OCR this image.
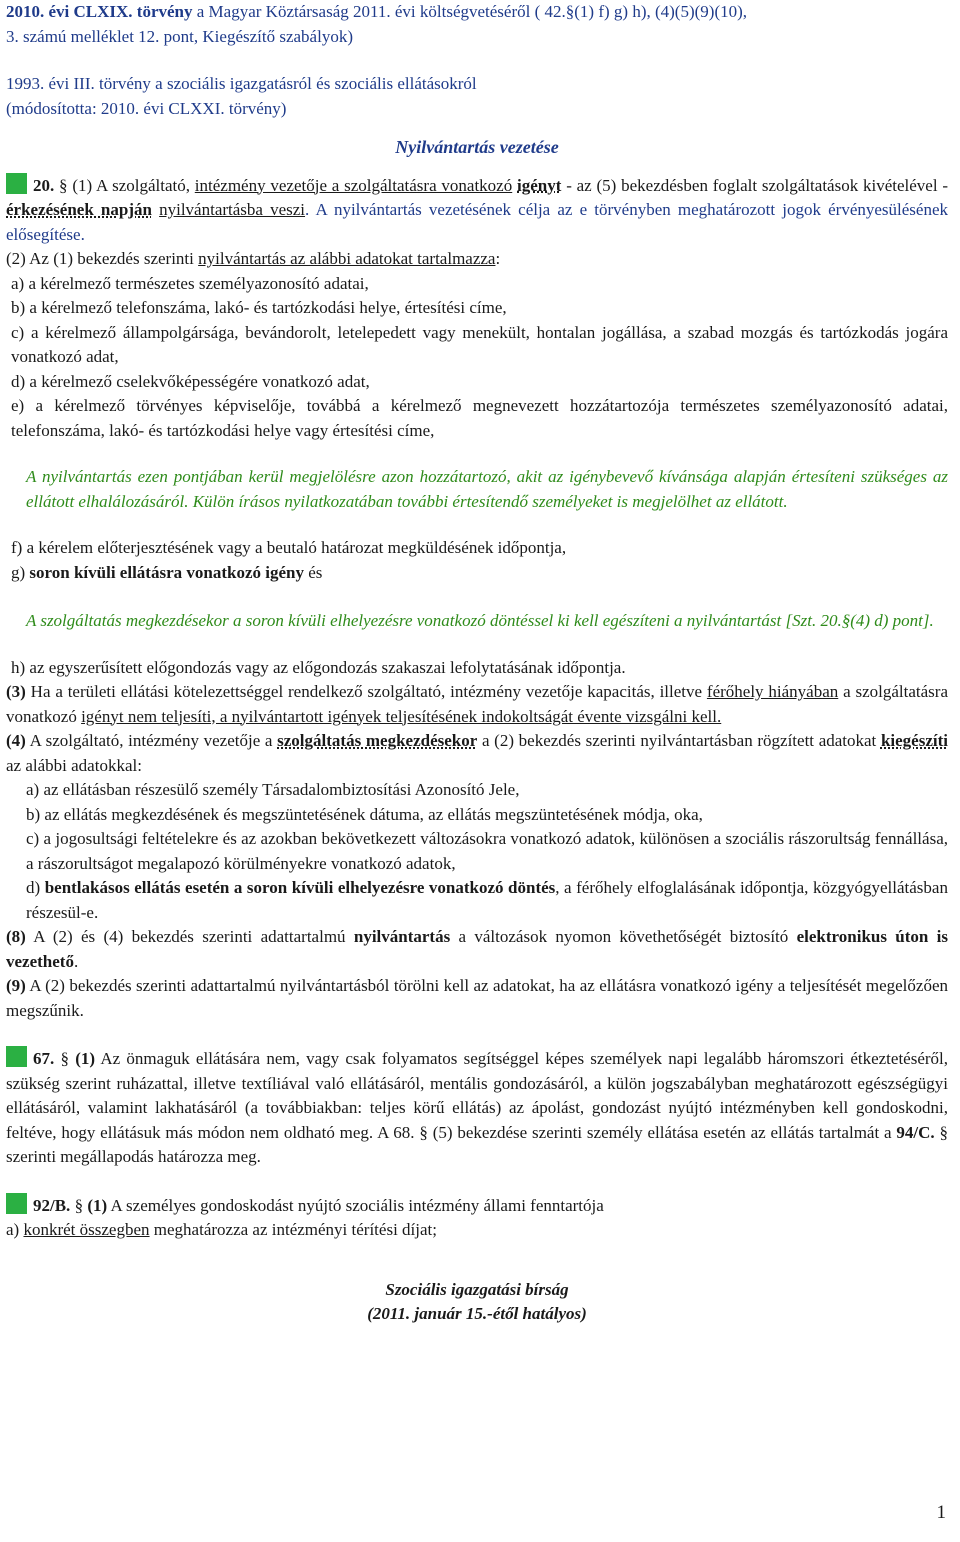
2010. évi CLXIX. törvény a Magyar Köztársaság 2011. évi költségvetéséről ( 42.§(1) f) g) h), (4)(5)(9)(10),
3. számú melléklet 12. pont, Kiegészítő szabályok)

1993. évi III. törvény a szociális igazgatásról és szociális ellátásokról
(módosította: 2010. évi CLXXI. törvény)

Nyilvántartás vezetése

20. § (1) A szolgáltató, intézmény vezetője a szolgáltatásra vonatkozó igényt - az (5) bekezdésben foglalt szolgáltatások kivételével - érkezésének napján nyilvántartásba veszi. A nyilvántartás vezetésének célja az e törvényben meghatározott jogok érvényesülésének elősegítése.

(2) Az (1) bekezdés szerinti nyilvántartás az alábbi adatokat tartalmazza:

a) a kérelmező természetes személyazonosító adatai,

b) a kérelmező telefonszáma, lakó- és tartózkodási helye, értesítési címe,

c) a kérelmező állampolgársága, bevándorolt, letelepedett vagy menekült, hontalan jogállása, a szabad mozgás és tartózkodás jogára vonatkozó adat,

d) a kérelmező cselekvőképességére vonatkozó adat,

e) a kérelmező törvényes képviselője, továbbá a kérelmező megnevezett hozzátartozója természetes személyazonosító adatai, telefonszáma, lakó- és tartózkodási helye vagy értesítési címe,

A nyilvántartás ezen pontjában kerül megjelölésre azon hozzátartozó, akit az igénybevevő kívánsága alapján értesíteni szükséges az ellátott elhalálozásáról. Külön írásos nyilatkozatában további értesítendő személyeket is megjelölhet az ellátott.

f) a kérelem előterjesztésének vagy a beutaló határozat megküldésének időpontja,

g) soron kívüli ellátásra vonatkozó igény és

A szolgáltatás megkezdésekor a soron kívüli elhelyezésre vonatkozó döntéssel ki kell egészíteni a nyilvántartást [Szt. 20.§(4) d) pont].

h) az egyszerűsített előgondozás vagy az előgondozás szakaszai lefolytatásának időpontja.

(3) Ha a területi ellátási kötelezettséggel rendelkező szolgáltató, intézmény vezetője kapacitás, illetve férőhely hiányában a szolgáltatásra vonatkozó igényt nem teljesíti, a nyilvántartott igények teljesítésének indokoltságát évente vizsgálni kell.

(4) A szolgáltató, intézmény vezetője a szolgáltatás megkezdésekor a (2) bekezdés szerinti nyilvántartásban rögzített adatokat kiegészíti az alábbi adatokkal:

a) az ellátásban részesülő személy Társadalombiztosítási Azonosító Jele,

b) az ellátás megkezdésének és megszüntetésének dátuma, az ellátás megszüntetésének módja, oka,

c) a jogosultsági feltételekre és az azokban bekövetkezett változásokra vonatkozó adatok, különösen a szociális rászorultság fennállása, a rászorultságot megalapozó körülményekre vonatkozó adatok,

d) bentlakásos ellátás esetén a soron kívüli elhelyezésre vonatkozó döntés, a férőhely elfoglalásának időpontja, közgyógyellátásban részesül-e.

(8) A (2) és (4) bekezdés szerinti adattartalmú nyilvántartás a változások nyomon követhetőségét biztosító elektronikus úton is vezethető.

(9) A (2) bekezdés szerinti adattartalmú nyilvántartásból törölni kell az adatokat, ha az ellátásra vonatkozó igény a teljesítését megelőzően megszűnik.

67. § (1) Az önmaguk ellátására nem, vagy csak folyamatos segítséggel képes személyek napi legalább háromszori étkeztetéséről, szükség szerint ruházattal, illetve textíliával való ellátásáról, mentális gondozásáról, a külön jogszabályban meghatározott egészségügyi ellátásáról, valamint lakhatásáról (a továbbiakban: teljes körű ellátás) az ápolást, gondozást nyújtó intézményben kell gondoskodni, feltéve, hogy ellátásuk más módon nem oldható meg. A 68. § (5) bekezdése szerinti személy ellátása esetén az ellátás tartalmát a 94/C. § szerinti megállapodás határozza meg.

92/B. § (1) A személyes gondoskodást nyújtó szociális intézmény állami fenntartója

a) konkrét összegben meghatározza az intézményi térítési díjat;

Szociális igazgatási bírság
(2011. január 15.-étől hatályos)

1
